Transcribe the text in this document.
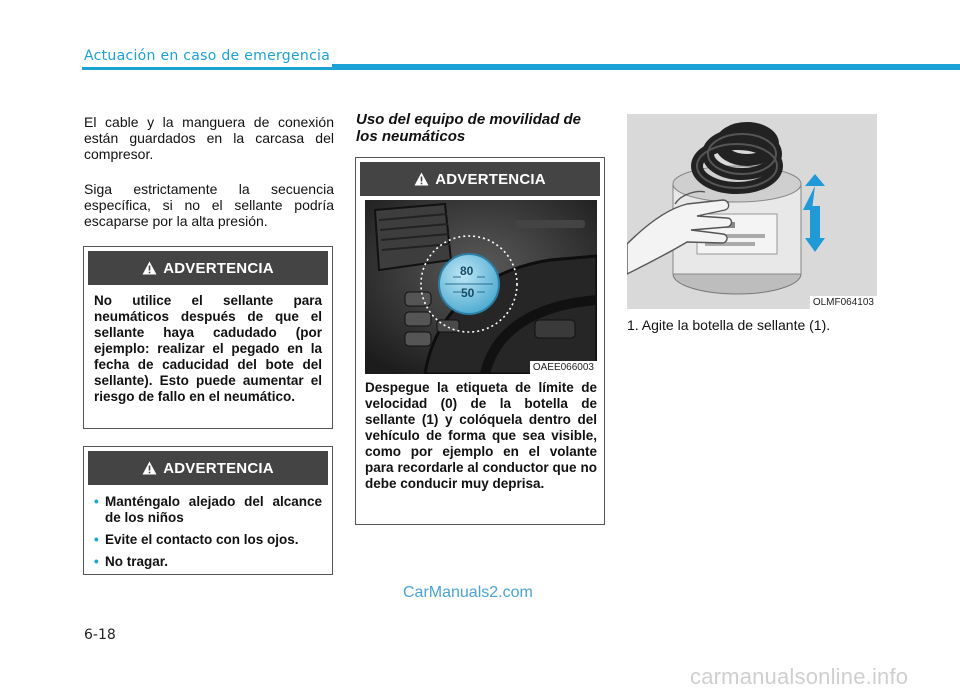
Actuación en caso de emergencia

El cable y la manguera de conexión están guardados en la carcasa del compresor.

Siga estrictamente la secuencia específica, si no el sellante podría escaparse por la alta presión.

ADVERTENCIA
No utilice el sellante para neumáticos después de que el sellante haya cadudado (por ejemplo: realizar el pegado en la fecha de caducidad del bote del sellante). Esto puede aumentar el riesgo de fallo en el neumático.
ADVERTENCIA
• Manténgalo alejado del alcance de los niños
• Evite el contacto con los ojos.
• No tragar.
Uso del equipo de movilidad de los neumáticos
ADVERTENCIA
80
50
OAEE066003
Despegue la etiqueta de límite de velocidad (0) de la botella de sellante (1) y colóquela dentro del vehículo de forma que sea visible, como por ejemplo en el volante para recordarle al conductor que no debe conducir muy deprisa.
OLMF064103

1. Agite la botella de sellante (1).

CarManuals2.com
6-18
carmanualsonline.info
